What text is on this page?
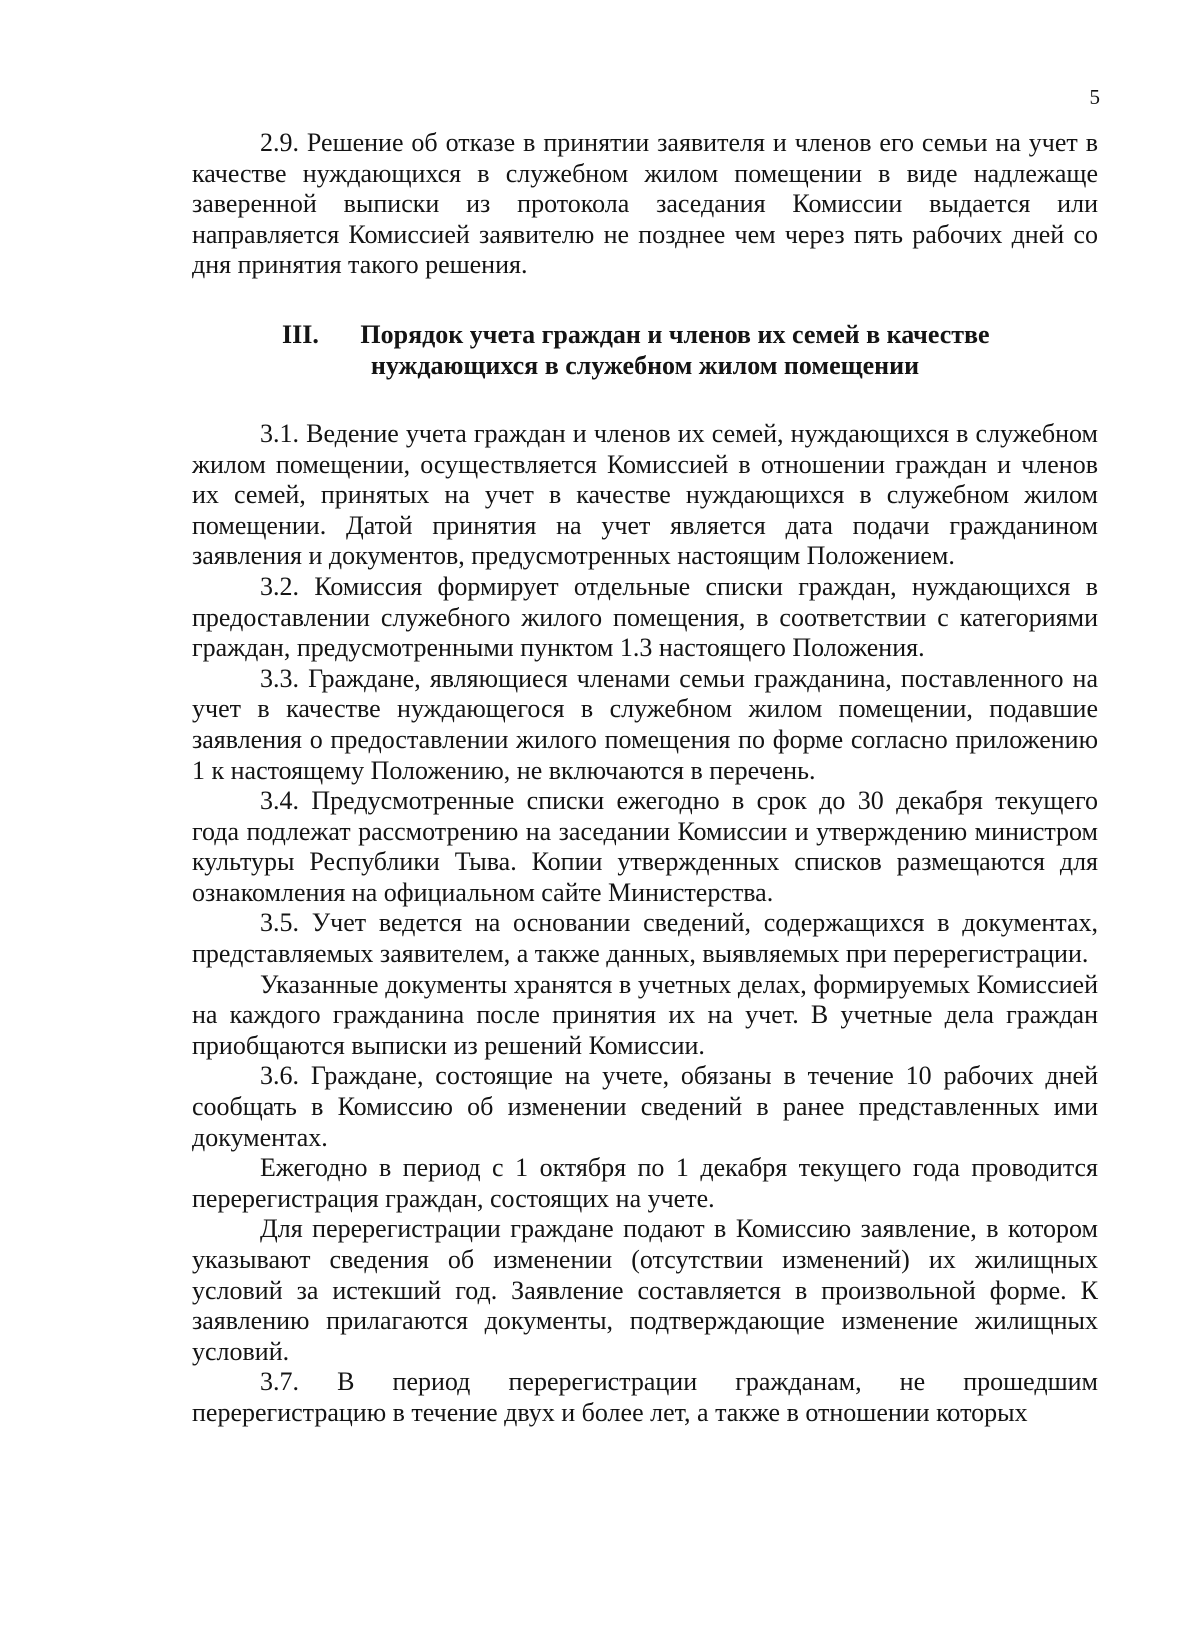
5

2.9. Решение об отказе в принятии заявителя и членов его семьи на учет в качестве нуждающихся в служебном жилом помещении в виде надлежаще заверенной выписки из протокола заседания Комиссии выдается или направляется Комиссией заявителю не позднее чем через пять рабочих дней со дня принятия такого решения.

III.	Порядок учета граждан и членов их семей в качестве
нуждающихся в служебном жилом помещении

3.1. Ведение учета граждан и членов их семей, нуждающихся в служебном жилом помещении, осуществляется Комиссией в отношении граждан и членов их семей, принятых на учет в качестве нуждающихся в служебном жилом помещении. Датой принятия на учет является дата подачи гражданином заявления и документов, предусмотренных настоящим Положением.

3.2. Комиссия формирует отдельные списки граждан, нуждающихся в предоставлении служебного жилого помещения, в соответствии с категориями граждан, предусмотренными пунктом 1.3 настоящего Положения.

3.3. Граждане, являющиеся членами семьи гражданина, поставленного на учет в качестве нуждающегося в служебном жилом помещении, подавшие заявления о предоставлении жилого помещения по форме согласно приложению 1 к настоящему Положению, не включаются в перечень.

3.4. Предусмотренные списки ежегодно в срок до 30 декабря текущего года подлежат рассмотрению на заседании Комиссии и утверждению министром культуры Республики Тыва. Копии утвержденных списков размещаются для ознакомления на официальном сайте Министерства.

3.5. Учет ведется на основании сведений, содержащихся в документах, представляемых заявителем, а также данных, выявляемых при перерегистрации.

Указанные документы хранятся в учетных делах, формируемых Комиссией на каждого гражданина после принятия их на учет. В учетные дела граждан приобщаются выписки из решений Комиссии.

3.6. Граждане, состоящие на учете, обязаны в течение 10 рабочих дней сообщать в Комиссию об изменении сведений в ранее представленных ими документах.

Ежегодно в период с 1 октября по 1 декабря текущего года проводится перерегистрация граждан, состоящих на учете.

Для перерегистрации граждане подают в Комиссию заявление, в котором указывают сведения об изменении (отсутствии изменений) их жилищных условий за истекший год. Заявление составляется в произвольной форме. К заявлению прилагаются документы, подтверждающие изменение жилищных условий.

3.7. В период перерегистрации гражданам, не прошедшим перерегистрацию в течение двух и более лет, а также в отношении которых
